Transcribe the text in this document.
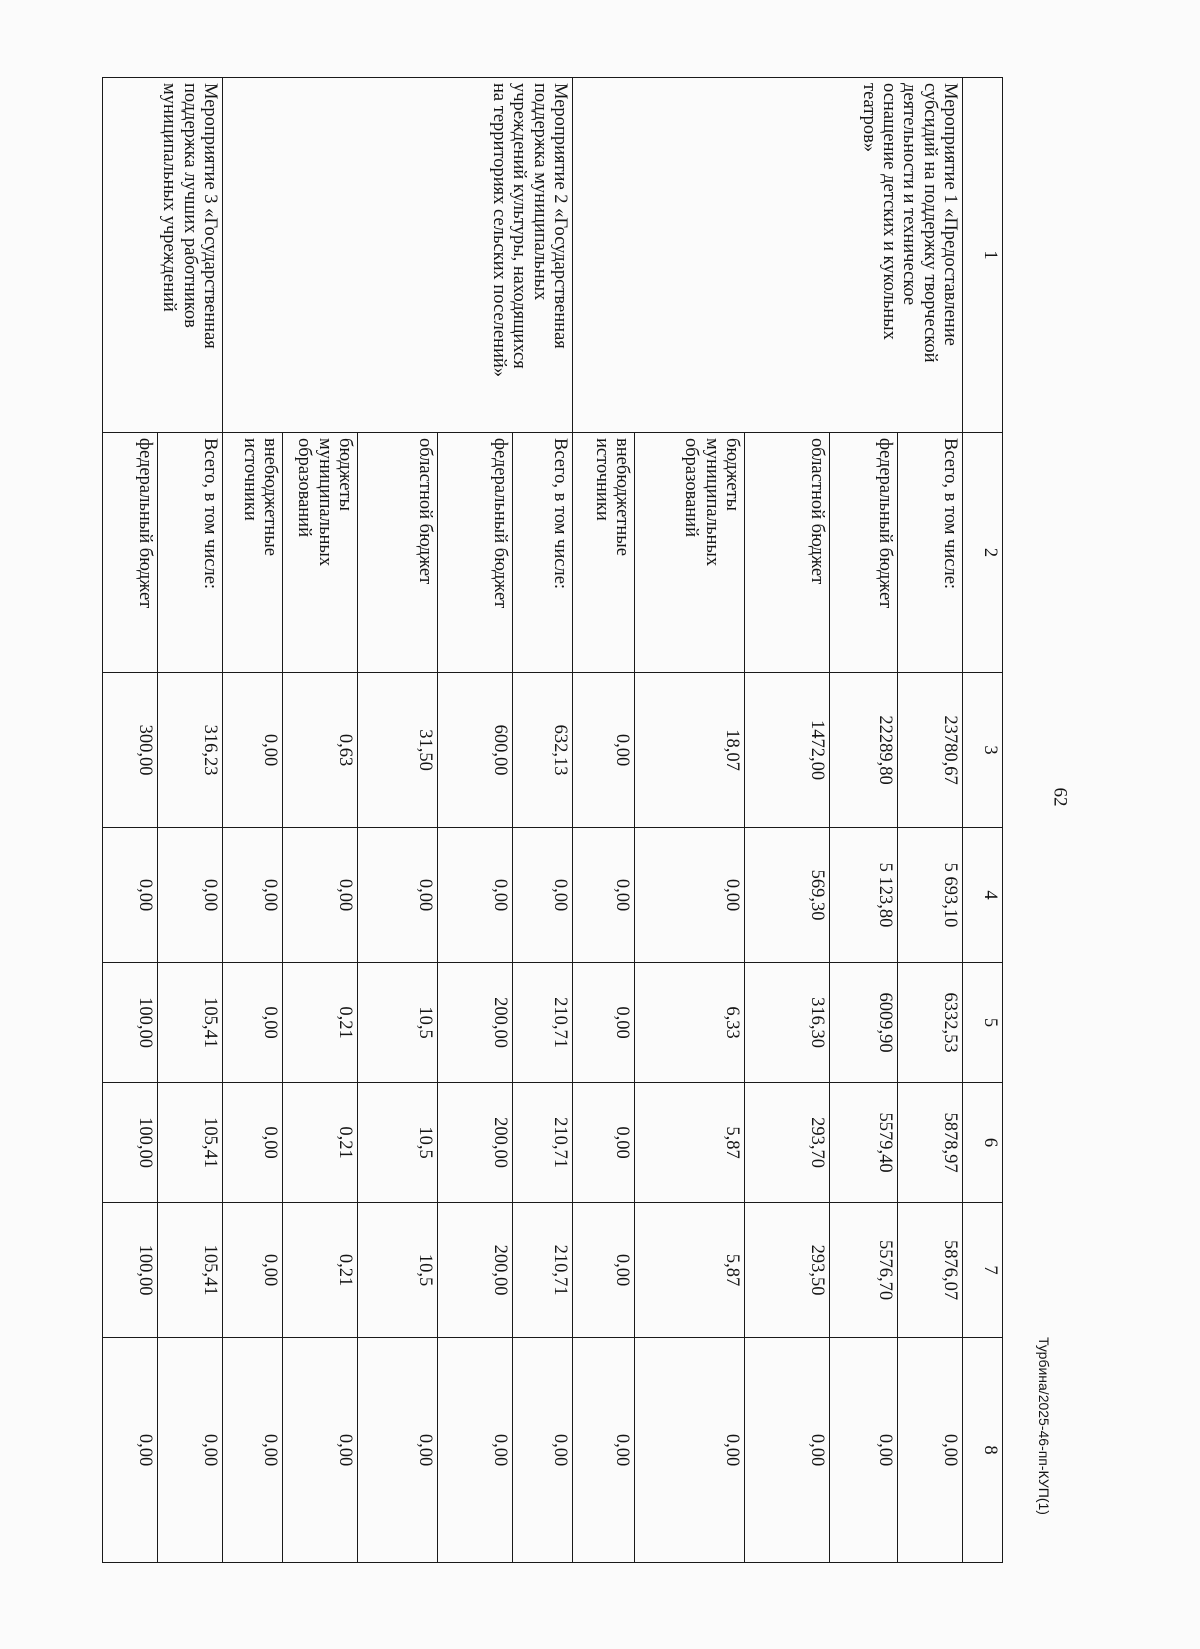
62
Турбина/2025-46-пп-КУП(1)
1	2	3	4	5	6	7	8
Мероприятие 1 «Предоставление
субсидий на поддержку творческой
деятельности и техническое
оснащение детских и кукольных
театров»	Всего, в том числе:	23780,67	5 693,10	6332,53	5878,97	5876,07	0,00
	федеральный бюджет	22289,80	5 123,80	6009,90	5579,40	5576,70	0,00
	областной бюджет	1472,00	569,30	316,30	293,70	293,50	0,00
	бюджеты
муниципальных
образований	18,07	0,00	6,33	5,87	5,87	0,00
	внебюджетные
источники	0,00	0,00	0,00	0,00	0,00	0,00
Мероприятие 2 «Государственная
поддержка муниципальных
учреждений культуры, находящихся
на территориях сельских поселений»	Всего, в том числе:	632,13	0,00	210,71	210,71	210,71	0,00
	федеральный бюджет	600,00	0,00	200,00	200,00	200,00	0,00
	областной бюджет	31,50	0,00	10,5	10,5	10,5	0,00
	бюджеты
муниципальных
образований	0,63	0,00	0,21	0,21	0,21	0,00
	внебюджетные
источники	0,00	0,00	0,00	0,00	0,00	0,00
Мероприятие 3 «Государственная
поддержка лучших работников
муниципальных учреждений	Всего, в том числе:	316,23	0,00	105,41	105,41	105,41	0,00
	федеральный бюджет	300,00	0,00	100,00	100,00	100,00	0,00
